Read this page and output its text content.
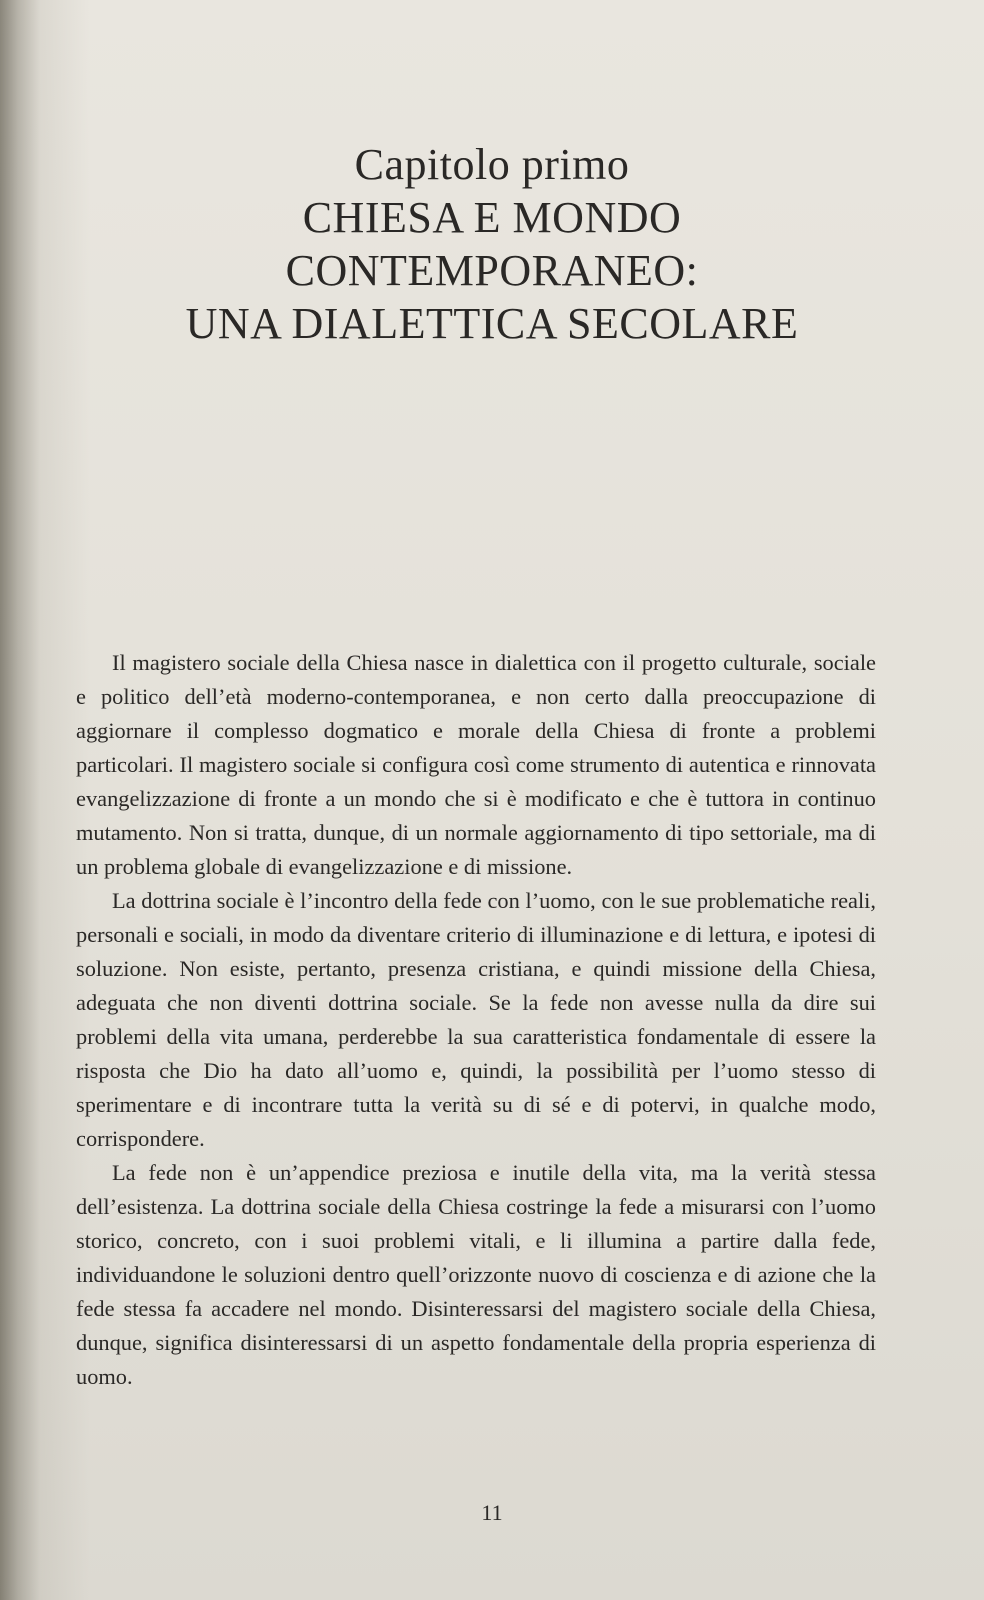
Capitolo primo

CHIESA E MONDO

CONTEMPORANEO:

UNA DIALETTICA SECOLARE

Il magistero sociale della Chiesa nasce in dialettica con il progetto culturale, sociale e politico dell’età moderno-contemporanea, e non certo dalla preoccupazione di aggiornare il complesso dogmatico e morale della Chiesa di fronte a problemi particolari. Il magistero sociale si configura così come strumento di autentica e rinnovata evangelizzazione di fronte a un mondo che si è modificato e che è tuttora in continuo mutamento. Non si tratta, dunque, di un normale aggiornamento di tipo settoriale, ma di un problema globale di evangelizzazione e di missione.

La dottrina sociale è l’incontro della fede con l’uomo, con le sue problematiche reali, personali e sociali, in modo da diventare criterio di illuminazione e di lettura, e ipotesi di soluzione. Non esiste, pertanto, presenza cristiana, e quindi missione della Chiesa, adeguata che non diventi dottrina sociale. Se la fede non avesse nulla da dire sui problemi della vita umana, perderebbe la sua caratteristica fondamentale di essere la risposta che Dio ha dato all’uomo e, quindi, la possibilità per l’uomo stesso di sperimentare e di incontrare tutta la verità su di sé e di potervi, in qualche modo, corrispondere.

La fede non è un’appendice preziosa e inutile della vita, ma la verità stessa dell’esistenza. La dottrina sociale della Chiesa costringe la fede a misurarsi con l’uomo storico, concreto, con i suoi problemi vitali, e li illumina a partire dalla fede, individuandone le soluzioni dentro quell’orizzonte nuovo di coscienza e di azione che la fede stessa fa accadere nel mondo. Disinteressarsi del magistero sociale della Chiesa, dunque, significa disinteressarsi di un aspetto fondamentale della propria esperienza di uomo.

11
